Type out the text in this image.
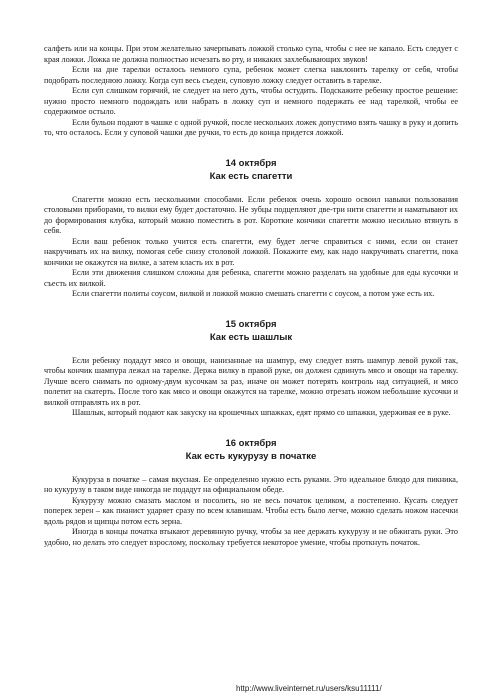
салфеть или на концы. При этом желательно зачерпывать ложкой столько супа, чтобы с нее не капало. Есть следует с края ложки. Ложка не должна полностью исчезать во рту, и никаких захлебывающих звуков!

Если на дне тарелки осталось немного супа, ребенок может слегка наклонить тарелку от себя, чтобы подобрать последнюю ложку. Когда суп весь съеден, суповую ложку следует оставить в тарелке.

Если суп слишком горячий, не следует на него дуть, чтобы остудить. Подскажите ребенку простое решение: нужно просто немного подождать или набрать в ложку суп и немного подержать ее над тарелкой, чтобы ее содержимое остыло.

Если бульон подают в чашке с одной ручкой, после нескольких ложек допустимо взять чашку в руку и допить то, что осталось. Если у суповой чашки две ручки, то есть до конца придется ложкой.

14 октября
Как есть спагетти

Спагетти можно есть несколькими способами. Если ребенок очень хорошо освоил навыки пользования столовыми приборами, то вилки ему будет достаточно. Не зубцы подцепляют две-три нити спагетти и наматывают их до формирования клубка, который можно поместить в рот. Короткие кончики спагетти можно несильно втянуть в себя.

Если ваш ребенок только учится есть спагетти, ему будет легче справиться с ними, если он станет накручивать их на вилку, помогая себе снизу столовой ложкой. Покажите ему, как надо накручивать спагетти, пока кончики не окажутся на вилке, а затем класть их в рот.

Если эти движения слишком сложны для ребенка, спагетти можно разделать на удобные для еды кусочки и съесть их вилкой.

Если спагетти политы соусом, вилкой и ложкой можно смешать спагетти с соусом, а потом уже есть их.

15 октября
Как есть шашлык

Если ребенку подадут мясо и овощи, нанизанные на шампур, ему следует взять шампур левой рукой так, чтобы кончик шампура лежал на тарелке. Держа вилку в правой руке, он должен сдвинуть мясо и овощи на тарелку. Лучше всего снимать по одному-двум кусочкам за раз, иначе он может потерять контроль над ситуацией, и мясо полетит на скатерть. После того как мясо и овощи окажутся на тарелке, можно отрезать ножом небольшие кусочки и вилкой отправлять их в рот.

Шашлык, который подают как закуску на крошечных шпажках, едят прямо со шпажки, удерживая ее в руке.

16 октября
Как есть кукурузу в початке

Кукуруза в початке – самая вкусная. Ее определенно нужно есть руками. Это идеальное блюдо для пикника, но кукурузу в таком виде никогда не подадут на официальном обеде.

Кукурузу можно смазать маслом и посолить, но не весь початок целиком, а постепенно. Кусать следует поперек зерен – как пианист ударяет сразу по всем клавишам. Чтобы есть было легче, можно сделать ножом насечки вдоль рядов и щипцы потом есть зерна.

Иногда в концы початка втыкают деревянную ручку, чтобы за нее держать кукурузу и не обжигать руки. Это удобно, но делать это следует взрослому, поскольку требуется некоторое умение, чтобы проткнуть початок.

http://www.liveinternet.ru/users/ksu11111/
